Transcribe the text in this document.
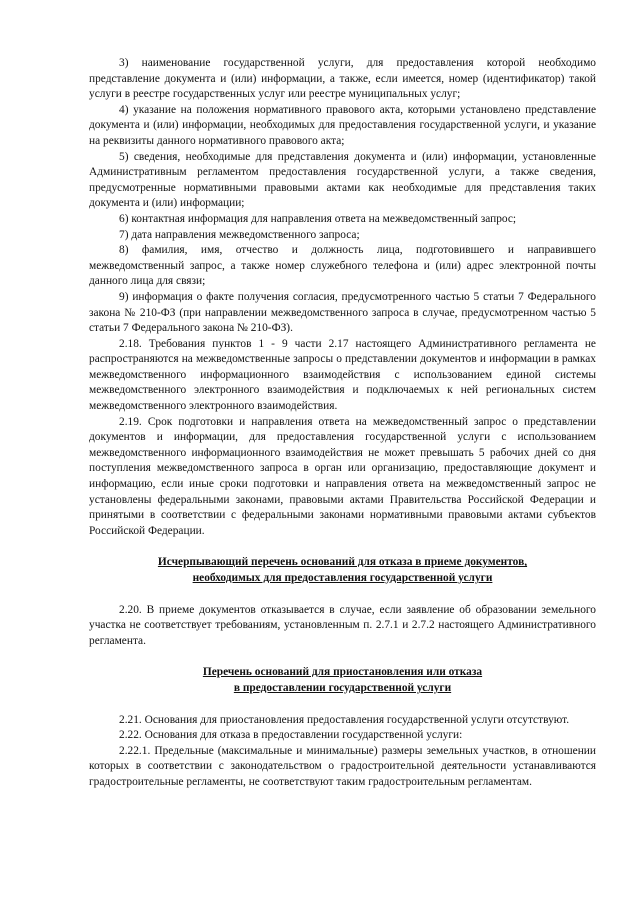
3) наименование государственной услуги, для предоставления которой необходимо представление документа и (или) информации, а также, если имеется, номер (идентификатор) такой услуги в реестре государственных услуг или реестре муниципальных услуг;

4) указание на положения нормативного правового акта, которыми установлено представление документа и (или) информации, необходимых для предоставления государственной услуги, и указание на реквизиты данного нормативного правового акта;

5) сведения, необходимые для представления документа и (или) информации, установленные Административным регламентом предоставления государственной услуги, а также сведения, предусмотренные нормативными правовыми актами как необходимые для представления таких документа и (или) информации;

6) контактная информация для направления ответа на межведомственный запрос;

7) дата направления межведомственного запроса;

8) фамилия, имя, отчество и должность лица, подготовившего и направившего межведомственный запрос, а также номер служебного телефона и (или) адрес электронной почты данного лица для связи;

9) информация о факте получения согласия, предусмотренного частью 5 статьи 7 Федерального закона № 210-ФЗ (при направлении межведомственного запроса в случае, предусмотренном частью 5 статьи 7 Федерального закона № 210-ФЗ).

2.18. Требования пунктов 1 - 9 части 2.17 настоящего Административного регламента не распространяются на межведомственные запросы о представлении документов и информации в рамках межведомственного информационного взаимодействия с использованием единой системы межведомственного электронного взаимодействия и подключаемых к ней региональных систем межведомственного электронного взаимодействия.

2.19. Срок подготовки и направления ответа на межведомственный запрос о представлении документов и информации, для предоставления государственной услуги с использованием межведомственного информационного взаимодействия не может превышать 5 рабочих дней со дня поступления межведомственного запроса в орган или организацию, предоставляющие документ и информацию, если иные сроки подготовки и направления ответа на межведомственный запрос не установлены федеральными законами, правовыми актами Правительства Российской Федерации и принятыми в соответствии с федеральными законами нормативными правовыми актами субъектов Российской Федерации.

Исчерпывающий перечень оснований для отказа в приеме документов,
необходимых для предоставления государственной услуги

2.20. В приеме документов отказывается в случае, если заявление об образовании земельного участка не соответствует требованиям, установленным п. 2.7.1 и 2.7.2 настоящего Административного регламента.

Перечень оснований для приостановления или отказа
в предоставлении государственной услуги

2.21. Основания для приостановления предоставления государственной услуги отсутствуют.

2.22. Основания для отказа в предоставлении государственной услуги:

2.22.1. Предельные (максимальные и минимальные) размеры земельных участков, в отношении которых в соответствии с законодательством о градостроительной деятельности устанавливаются градостроительные регламенты, не соответствуют таким градостроительным регламентам.
